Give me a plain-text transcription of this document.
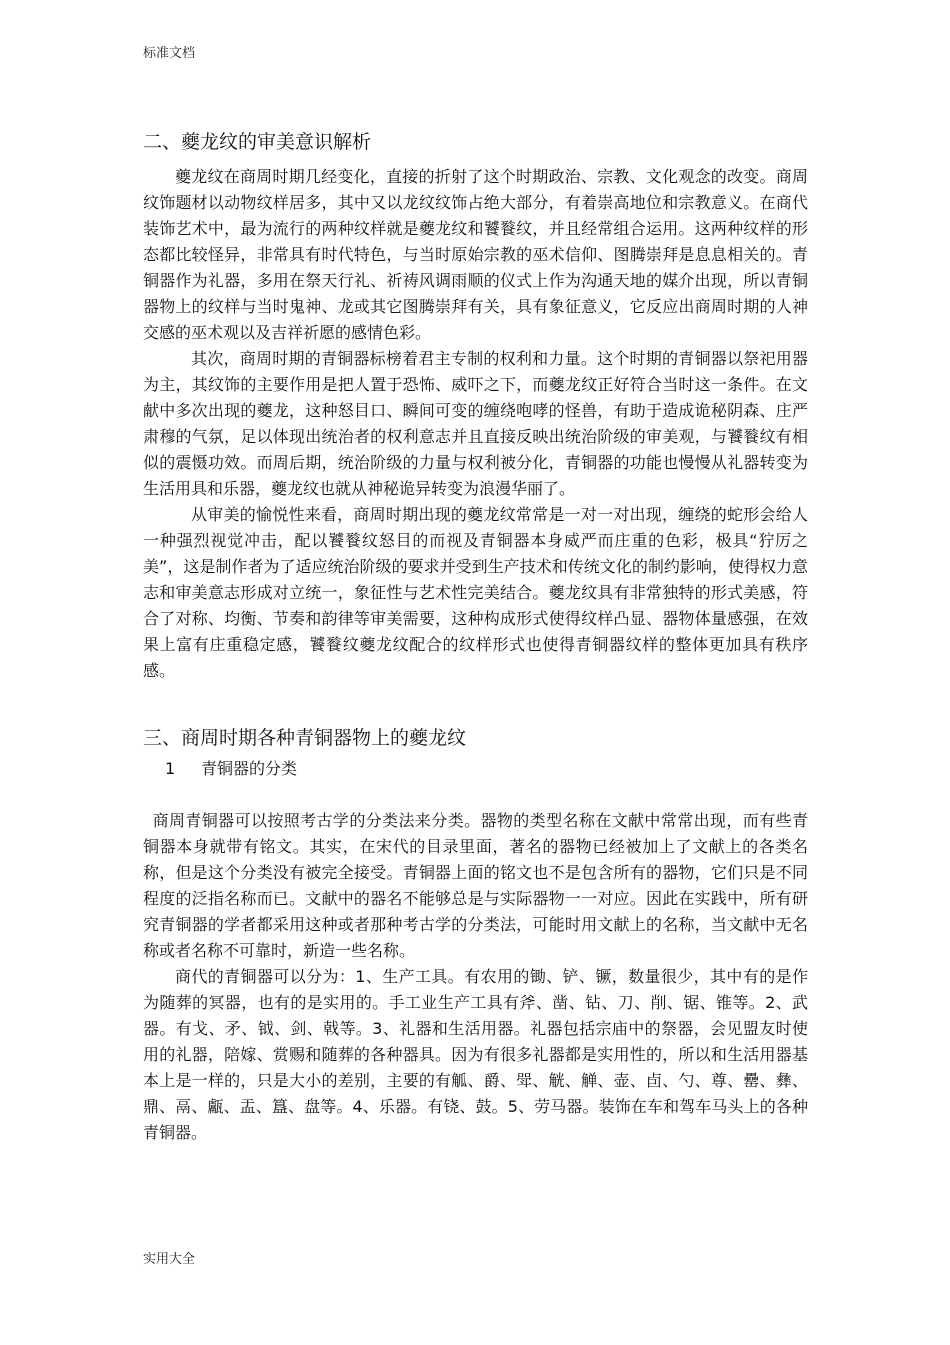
标准文档
二、夔龙纹的审美意识解析

夔龙纹在商周时期几经变化，直接的折射了这个时期政治、宗教、文化观念的改变。商周纹饰题材以动物纹样居多，其中又以龙纹纹饰占绝大部分，有着崇高地位和宗教意义。在商代装饰艺术中，最为流行的两种纹样就是夔龙纹和饕餮纹，并且经常组合运用。这两种纹样的形态都比较怪异，非常具有时代特色，与当时原始宗教的巫术信仰、图腾崇拜是息息相关的。青铜器作为礼器，多用在祭天行礼、祈祷风调雨顺的仪式上作为沟通天地的媒介出现，所以青铜器物上的纹样与当时鬼神、龙或其它图腾崇拜有关，具有象征意义，它反应出商周时期的人神交感的巫术观以及吉祥祈愿的感情色彩。

其次，商周时期的青铜器标榜着君主专制的权利和力量。这个时期的青铜器以祭祀用器为主，其纹饰的主要作用是把人置于恐怖、威吓之下，而夔龙纹正好符合当时这一条件。在文献中多次出现的夔龙，这种怒目口、瞬间可变的缠绕咆哮的怪兽，有助于造成诡秘阴森、庄严肃穆的气氛，足以体现出统治者的权利意志并且直接反映出统治阶级的审美观，与饕餮纹有相似的震慑功效。而周后期，统治阶级的力量与权利被分化，青铜器的功能也慢慢从礼器转变为生活用具和乐器，夔龙纹也就从神秘诡异转变为浪漫华丽了。

从审美的愉悦性来看，商周时期出现的夔龙纹常常是一对一对出现，缠绕的蛇形会给人一种强烈视觉冲击，配以饕餮纹怒目的而视及青铜器本身威严而庄重的色彩，极具“狞厉之美”，这是制作者为了适应统治阶级的要求并受到生产技术和传统文化的制约影响，使得权力意志和审美意志形成对立统一，象征性与艺术性完美结合。夔龙纹具有非常独特的形式美感，符合了对称、均衡、节奏和韵律等审美需要，这种构成形式使得纹样凸显、器物体量感强，在效果上富有庄重稳定感，饕餮纹夔龙纹配合的纹样形式也使得青铜器纹样的整体更加具有秩序感。

三、商周时期各种青铜器物上的夔龙纹
1 青铜器的分类

商周青铜器可以按照考古学的分类法来分类。器物的类型名称在文献中常常出现，而有些青铜器本身就带有铭文。其实，在宋代的目录里面，著名的器物已经被加上了文献上的各类名称，但是这个分类没有被完全接受。青铜器上面的铭文也不是包含所有的器物，它们只是不同程度的泛指名称而已。文献中的器名不能够总是与实际器物一一对应。因此在实践中，所有研究青铜器的学者都采用这种或者那种考古学的分类法，可能时用文献上的名称，当文献中无名称或者名称不可靠时，新造一些名称。

商代的青铜器可以分为：1、生产工具。有农用的锄、铲、镢，数量很少，其中有的是作为随葬的冥器，也有的是实用的。手工业生产工具有斧、凿、钻、刀、削、锯、锥等。2、武器。有戈、矛、钺、剑、戟等。3、礼器和生活用器。礼器包括宗庙中的祭器，会见盟友时使用的礼器，陪嫁、赏赐和随葬的各种器具。因为有很多礼器都是实用性的，所以和生活用器基本上是一样的，只是大小的差别，主要的有觚、爵、斝、觥、觯、壶、卣、勺、尊、罍、彝、鼎、鬲、甗、盂、簋、盘等。4、乐器。有铙、鼓。5、劳马器。装饰在车和驾车马头上的各种青铜器。

实用大全
